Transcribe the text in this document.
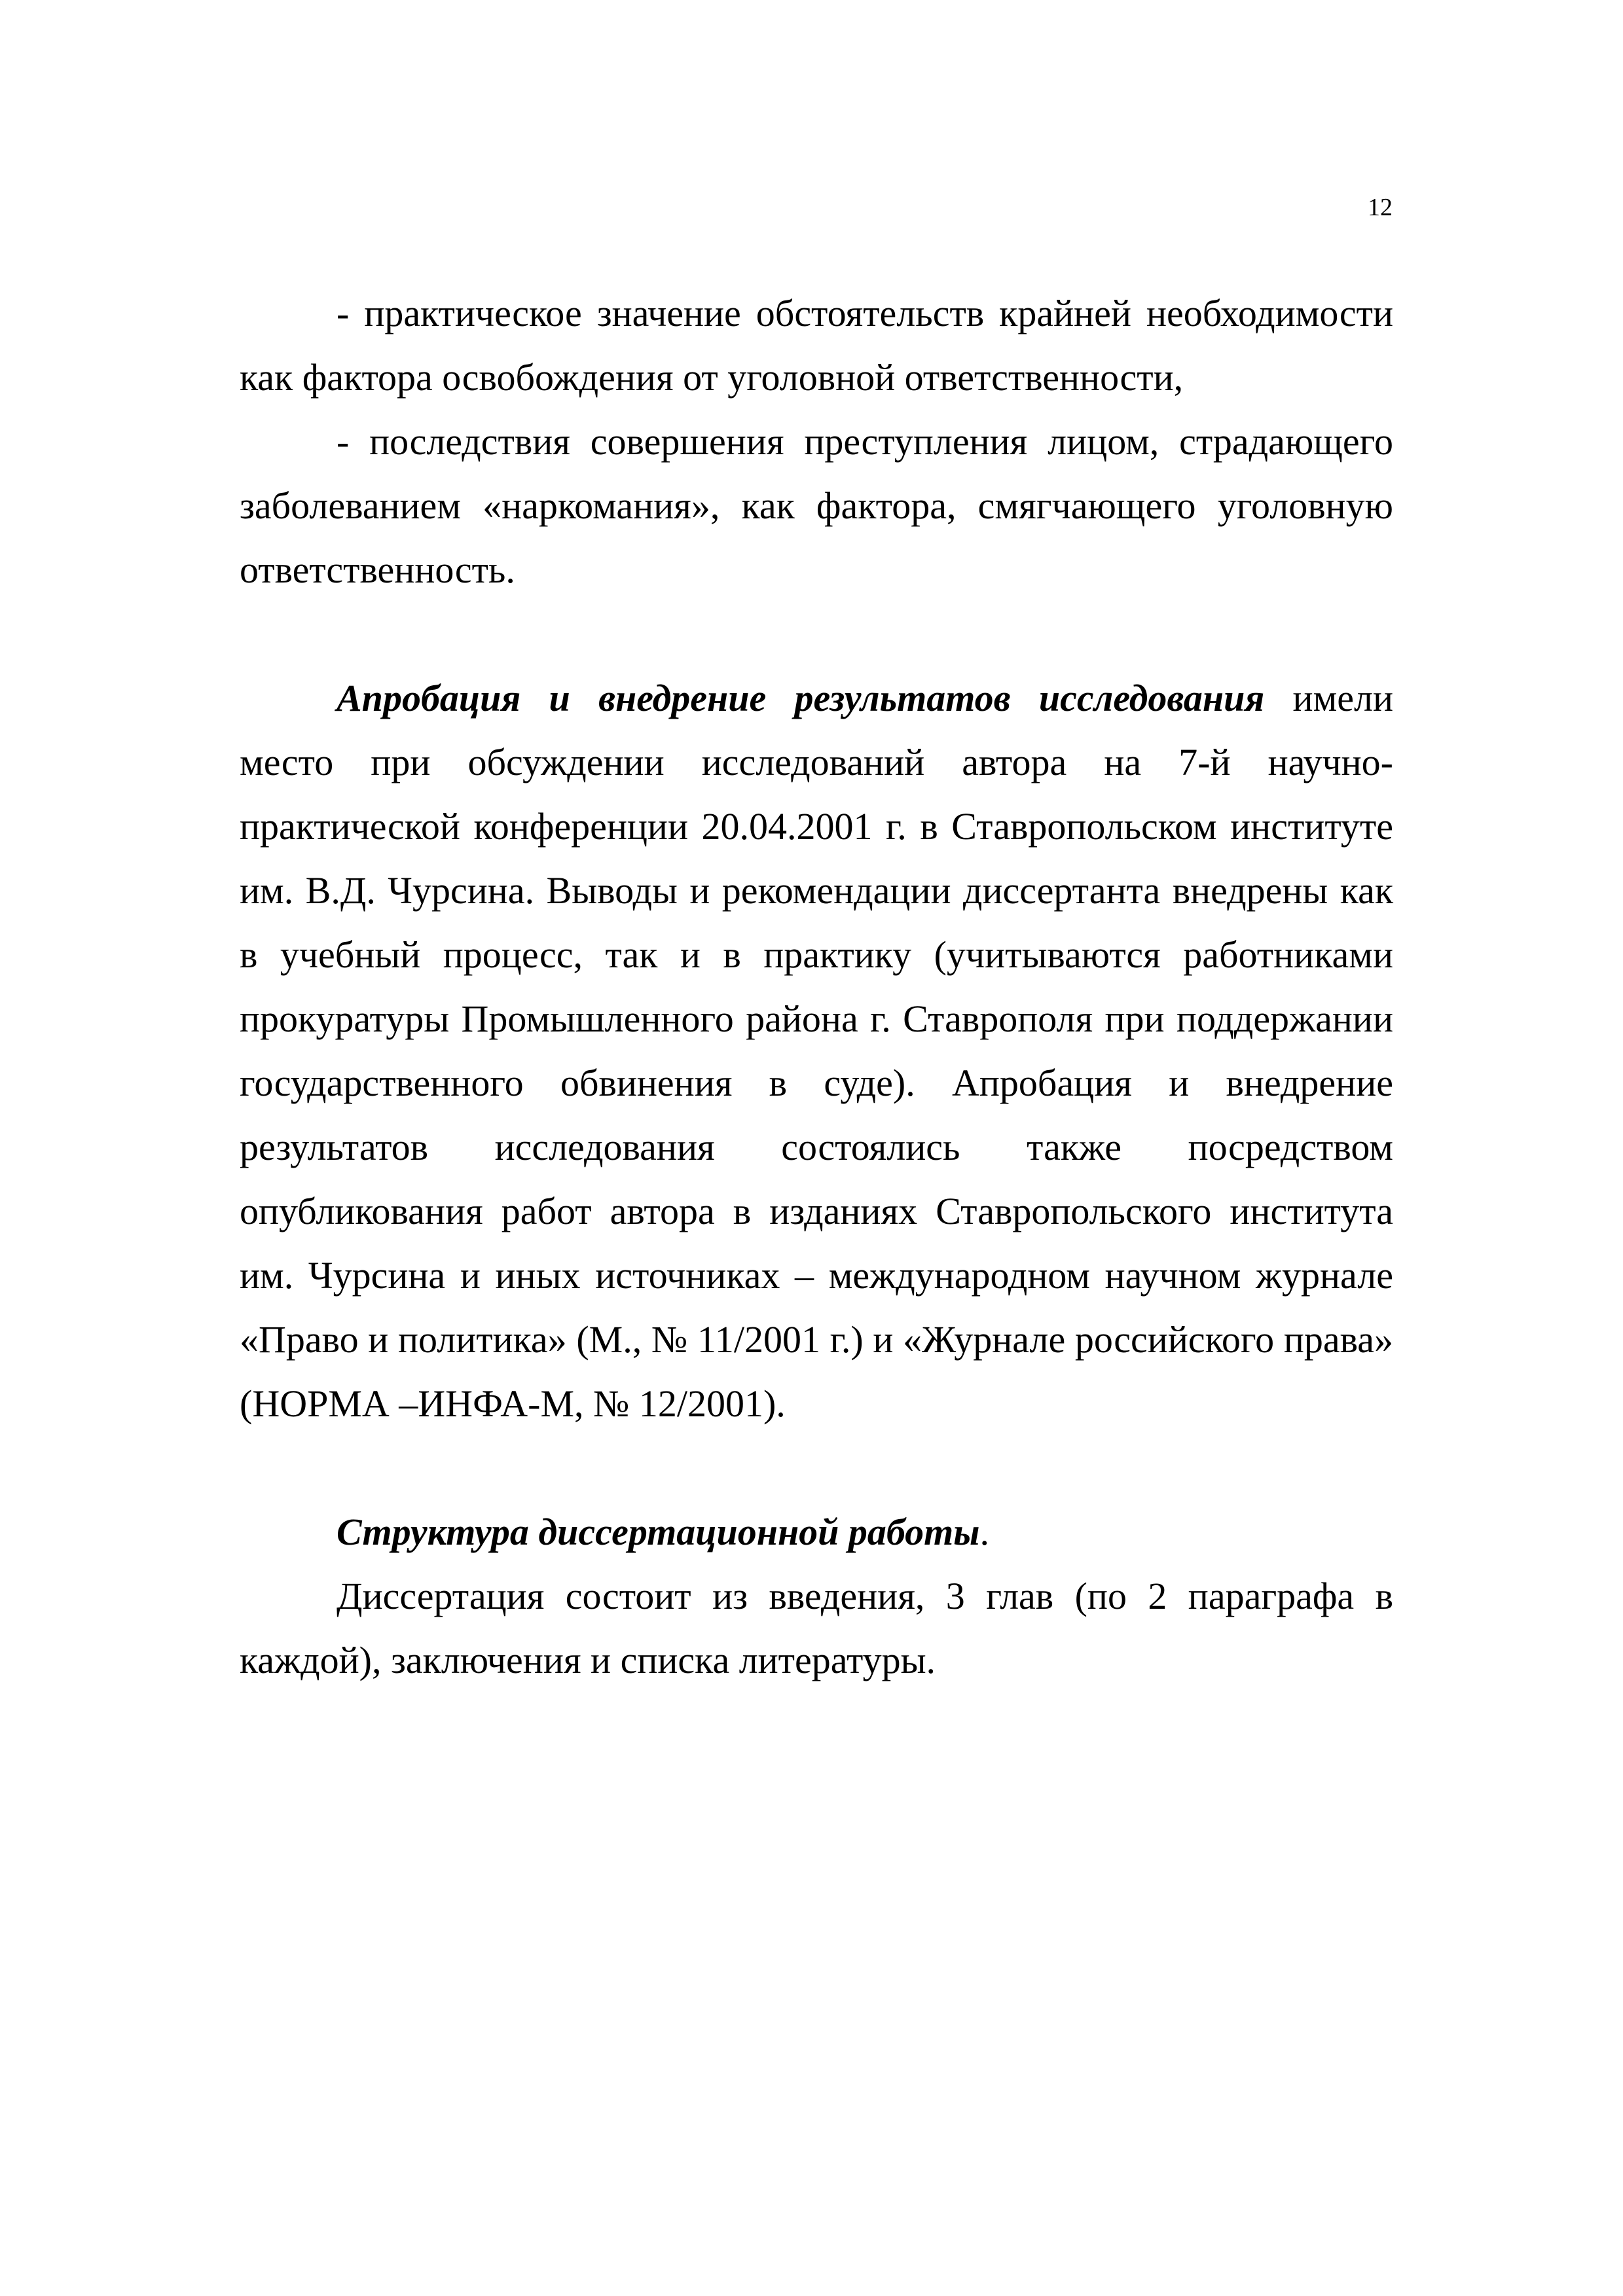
12

- практическое значение обстоятельств крайней необходимости как фактора освобождения от уголовной ответственности,

- последствия совершения преступления лицом, страдающего заболеванием «наркомания», как фактора, смягчающего уголовную ответственность.

Апробация и внедрение результатов исследования имели место при обсуждении исследований автора на 7-й научно-практической конференции 20.04.2001 г. в Ставропольском институте им. В.Д. Чурсина. Выводы и рекомендации диссертанта внедрены как в учебный процесс, так и в практику (учитываются работниками прокуратуры Промышленного района г. Ставрополя при поддержании государственного обвинения в суде). Апробация и внедрение результатов исследования состоялись также посредством опубликования работ автора в изданиях Ставропольского института им. Чурсина и иных источниках – международном научном журнале «Право и политика» (М., № 11/2001 г.) и «Журнале российского права» (НОРМА –ИНФА-М, № 12/2001).

Структура диссертационной работы.

Диссертация состоит из введения, 3 глав (по 2 параграфа в каждой), заключения и списка литературы.
